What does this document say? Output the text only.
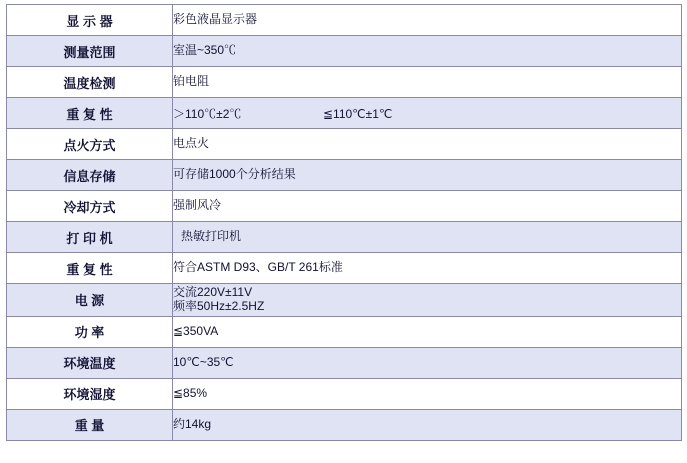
显 示 器	彩色液晶显示器

测量范围	室温~350℃

温度检测	铂电阻

重 复 性	＞110℃±2℃ ≦110℃±1℃

点火方式	电点火

信息存储	可存储1000个分析结果

冷却方式	强制风冷

打 印 机	热敏打印机

重 复 性	符合ASTM D93、GB/T 261标准

电 源	交流220V±11V
频率50Hz±2.5HZ

功 率	≦350VA

环境温度	10℃~35℃

环境湿度	≦85%

重 量	约14kg
